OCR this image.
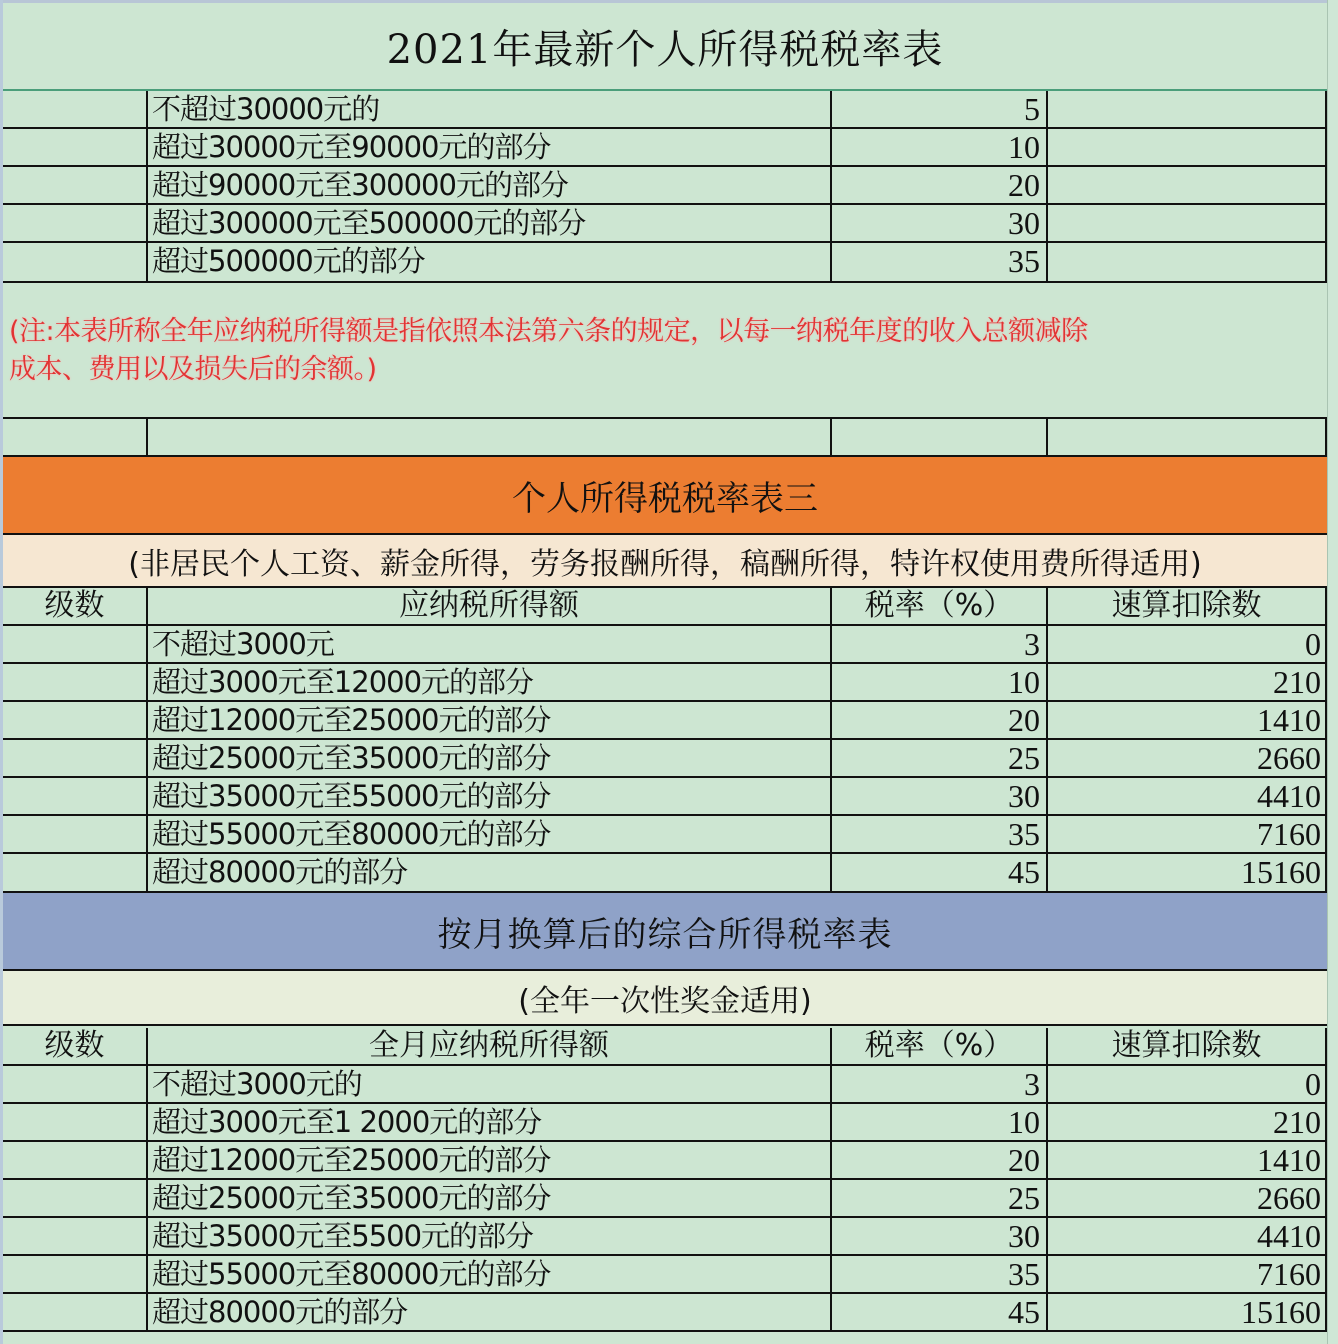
2021年最新个人所得税税率表
不超过30000元的	5
超过30000元至90000元的部分	10
超过90000元至300000元的部分	20
超过300000元至500000元的部分	30
超过500000元的部分	35
(注:本表所称全年应纳税所得额是指依照本法第六条的规定，以每一纳税年度的收入总额减除
成本、费用以及损失后的余额。)
个人所得税税率表三
(非居民个人工资、薪金所得，劳务报酬所得，稿酬所得，特许权使用费所得适用)
级数	应纳税所得额	税率（%）	速算扣除数
不超过3000元	3	0
超过3000元至12000元的部分	10	210
超过12000元至25000元的部分	20	1410
超过25000元至35000元的部分	25	2660
超过35000元至55000元的部分	30	4410
超过55000元至80000元的部分	35	7160
超过80000元的部分	45	15160
按月换算后的综合所得税率表
(全年一次性奖金适用)
级数	全月应纳税所得额	税率（%）	速算扣除数
不超过3000元的	3	0
超过3000元至1 2000元的部分	10	210
超过12000元至25000元的部分	20	1410
超过25000元至35000元的部分	25	2660
超过35000元至5500元的部分	30	4410
超过55000元至80000元的部分	35	7160
超过80000元的部分	45	15160
